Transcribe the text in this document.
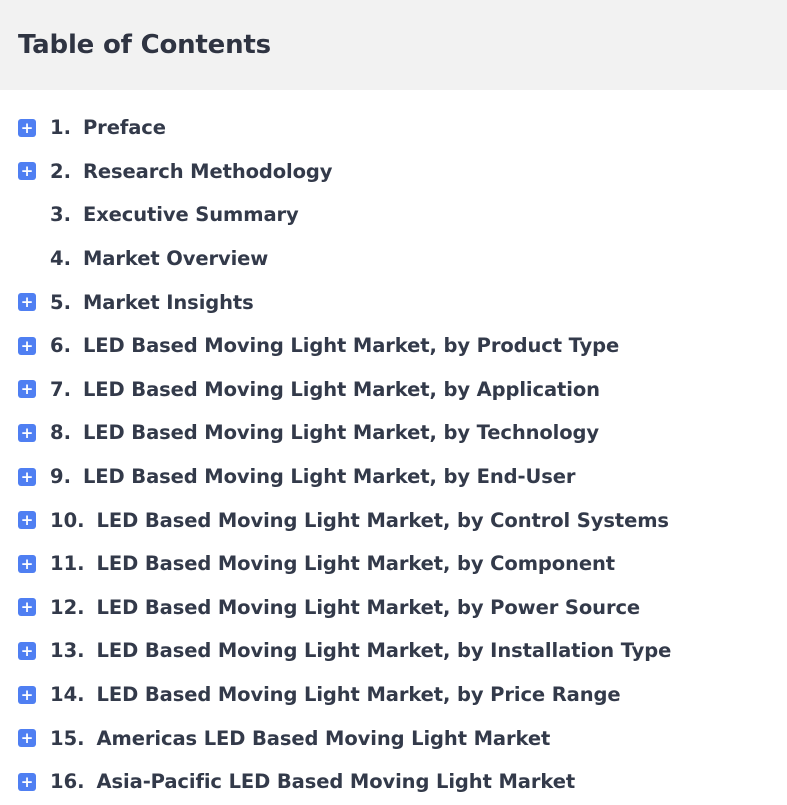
Table of Contents
+ 1. Preface
+ 2. Research Methodology
3. Executive Summary
4. Market Overview
+ 5. Market Insights
+ 6. LED Based Moving Light Market, by Product Type
+ 7. LED Based Moving Light Market, by Application
+ 8. LED Based Moving Light Market, by Technology
+ 9. LED Based Moving Light Market, by End-User
+ 10. LED Based Moving Light Market, by Control Systems
+ 11. LED Based Moving Light Market, by Component
+ 12. LED Based Moving Light Market, by Power Source
+ 13. LED Based Moving Light Market, by Installation Type
+ 14. LED Based Moving Light Market, by Price Range
+ 15. Americas LED Based Moving Light Market
+ 16. Asia-Pacific LED Based Moving Light Market
